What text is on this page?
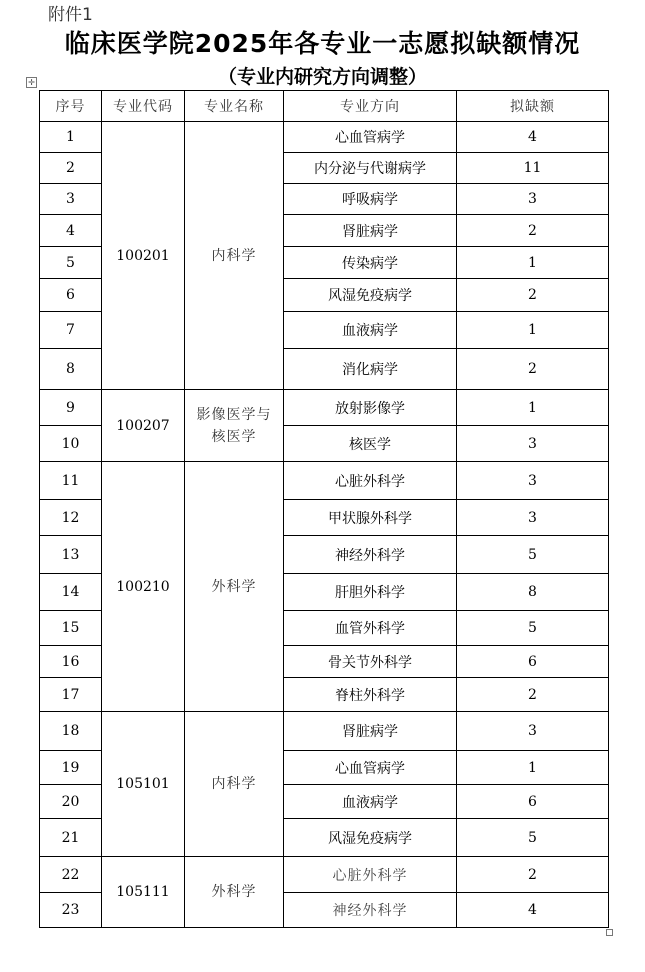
附件1
临床医学院2025年各专业一志愿拟缺额情况
（专业内研究方向调整）
✛
序号	专业代码	专业名称	专业方向	拟缺额
1	100201	内科学	心血管病学	4
2			内分泌与代谢病学	11
3			呼吸病学	3
4			肾脏病学	2
5			传染病学	1
6			风湿免疫病学	2
7			血液病学	1
8			消化病学	2
9	100207	影像医学与
核医学	放射影像学	1
10			核医学	3
11	100210	外科学	心脏外科学	3
12			甲状腺外科学	3
13			神经外科学	5
14			肝胆外科学	8
15			血管外科学	5
16			骨关节外科学	6
17			脊柱外科学	2
18	105101	内科学	肾脏病学	3
19			心血管病学	1
20			血液病学	6
21			风湿免疫病学	5
22	105111	外科学	心脏外科学	2
23			神经外科学	4
